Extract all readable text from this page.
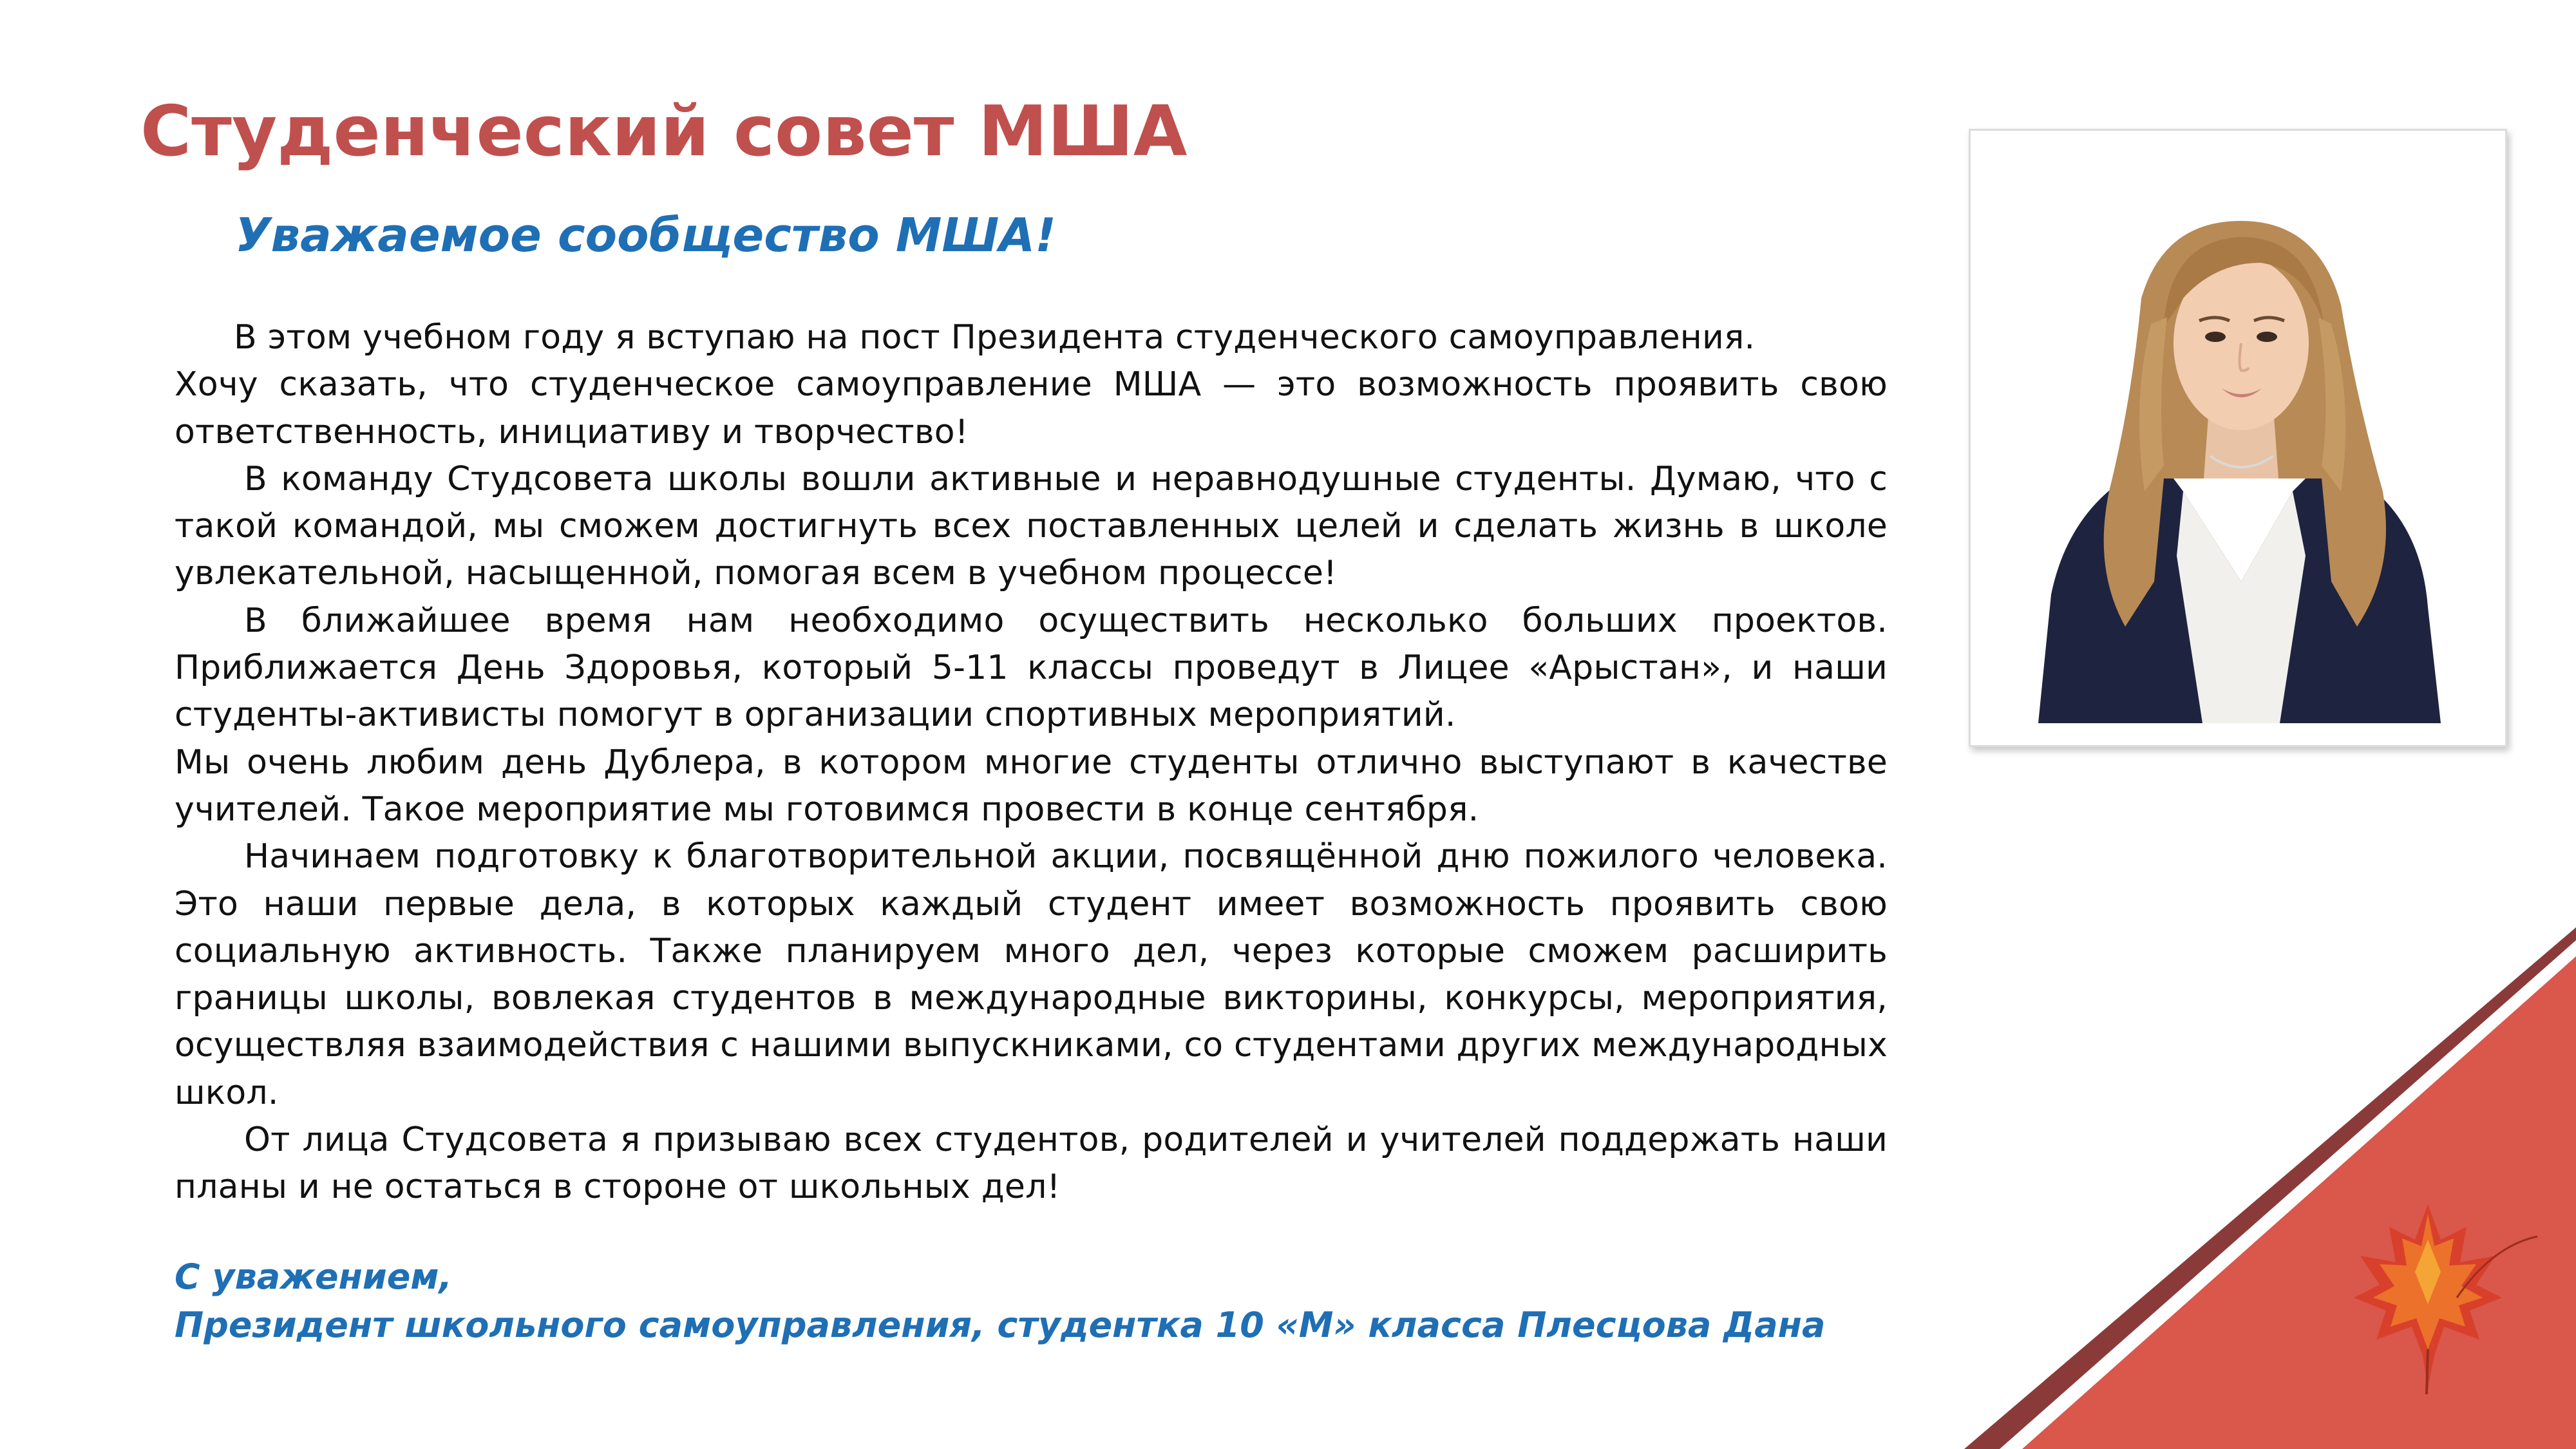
Студенческий совет МША
Уважаемое сообщество МША!

В этом учебном году я вступаю на пост Президента студенческого самоуправления.

Хочу сказать, что студенческое самоуправление МША — это возможность проявить свою ответственность, инициативу и творчество!

В команду Студсовета школы вошли активные и неравнодушные студенты. Думаю, что с такой командой, мы сможем достигнуть всех поставленных целей и сделать жизнь в школе увлекательной, насыщенной, помогая всем в учебном процессе!

В ближайшее время нам необходимо осуществить несколько больших проектов. Приближается День Здоровья, который 5-11 классы проведут в Лицее «Арыстан», и наши студенты-активисты помогут в организации спортивных мероприятий.

Мы очень любим день Дублера, в котором многие студенты отлично выступают в качестве учителей. Такое мероприятие мы готовимся провести в конце сентября.

Начинаем подготовку к благотворительной акции, посвящённой дню пожилого человека. Это наши первые дела, в которых каждый студент имеет возможность проявить свою социальную активность. Также планируем много дел, через которые сможем расширить границы школы, вовлекая студентов в международные викторины, конкурсы, мероприятия, осуществляя взаимодействия с нашими выпускниками, со студентами других международных школ.

От лица Студсовета я призываю всех студентов, родителей и учителей поддержать наши планы и не остаться в стороне от школьных дел!

С уважением,
Президент школьного самоуправления, студентка 10 «М» класса Плесцова Дана
